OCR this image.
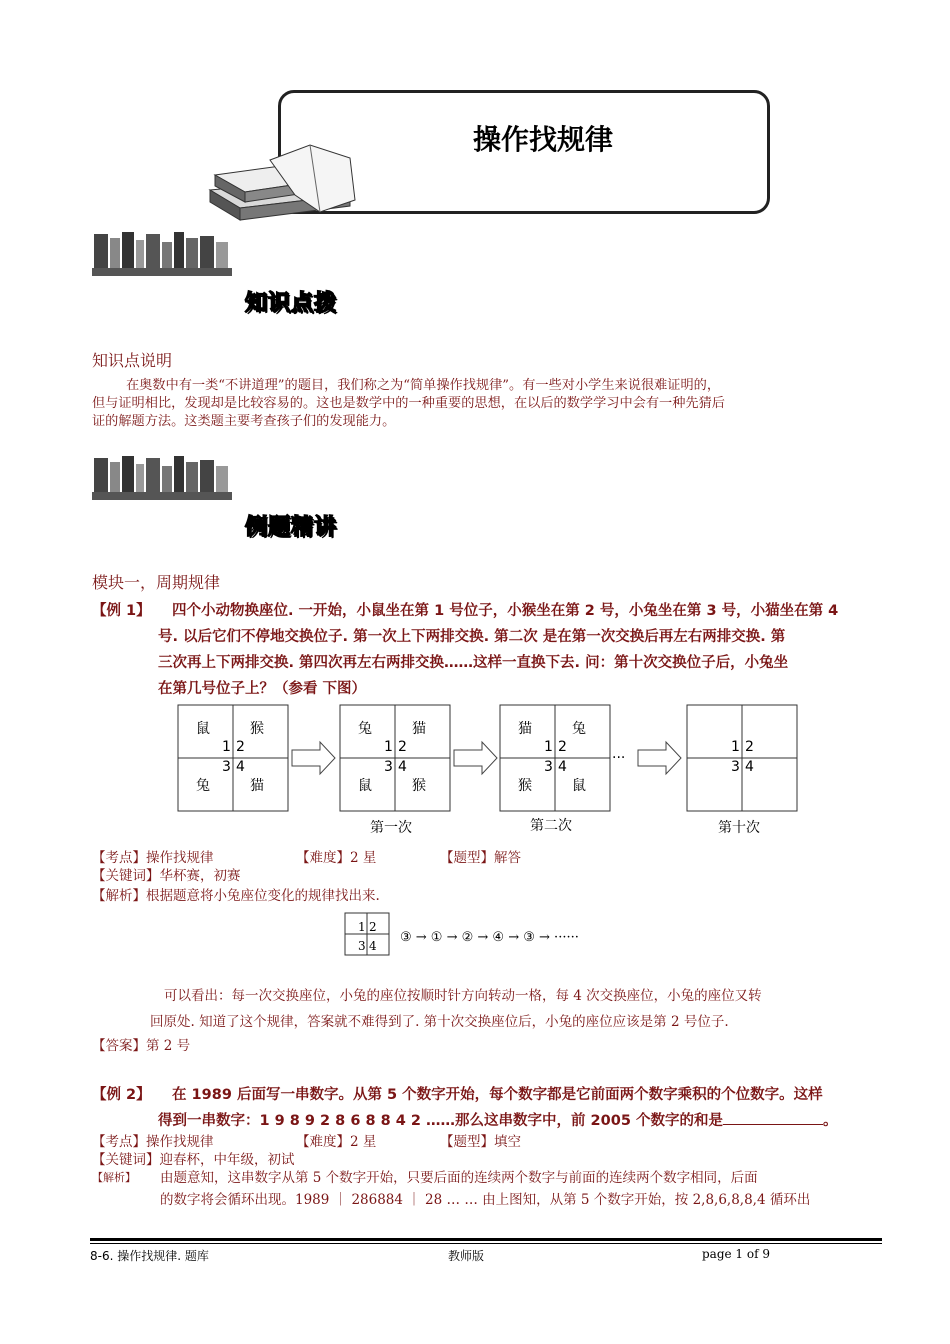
操作找规律
知识点拨
知识点说明
在奥数中有一类“不讲道理”的题目，我们称之为“简单操作找规律”。有一些对小学生来说很难证明的，
但与证明相比，发现却是比较容易的。这也是数学中的一种重要的思想，在以后的数学学习中会有一种先猜后
证的解题方法。这类题主要考查孩子们的发现能力。
例题精讲
模块一，周期规律
【例 1】 四个小动物换座位. 一开始，小鼠坐在第 1 号位子，小猴坐在第 2 号，小兔坐在第 3 号，小猫坐在第 4
号. 以后它们不停地交换位子. 第一次上下两排交换. 第二次 是在第一次交换后再左右两排交换. 第
三次再上下两排交换. 第四次再左右两排交换……这样一直换下去. 问：第十次交换位子后，小兔坐
在第几号位子上？（参看 下图）
鼠	猴
兔	猫
1 2
3 4
兔	猫
鼠	猴
1 2
3 4
第一次
猫	兔
猴	鼠
1 2
3 4
第二次
···
1 2
3 4
第十次
【考点】操作找规律	【难度】2 星	【题型】解答
【关键词】华杯赛，初赛
【解析】根据题意将小兔座位变化的规律找出来.
1 2
3 4
③ → ① → ② → ④ → ③ → ······
可以看出：每一次交换座位，小兔的座位按顺时针方向转动一格，每 4 次交换座位，小兔的座位又转
回原处. 知道了这个规律，答案就不难得到了. 第十次交换座位后，小兔的座位应该是第 2 号位子.
【答案】第 2 号
【例 2】 在 1989 后面写一串数字。从第 5 个数字开始，每个数字都是它前面两个数字乘积的个位数字。这样
得到一串数字：1 9 8 9 2 8 6 8 8 4 2 ……那么这串数字中，前 2005 个数字的和是	。
【考点】操作找规律	【难度】2 星	【题型】填空
【关键词】迎春杯，中年级，初试
【解析】 由题意知，这串数字从第 5 个数字开始，只要后面的连续两个数字与前面的连续两个数字相同，后面
的数字将会循环出现。1989 ｜ 286884 ｜ 28 … … 由上图知，从第 5 个数字开始，按 2,8,6,8,8,4 循环出
8-6. 操作找规律. 题库	教师版	page 1 of 9
